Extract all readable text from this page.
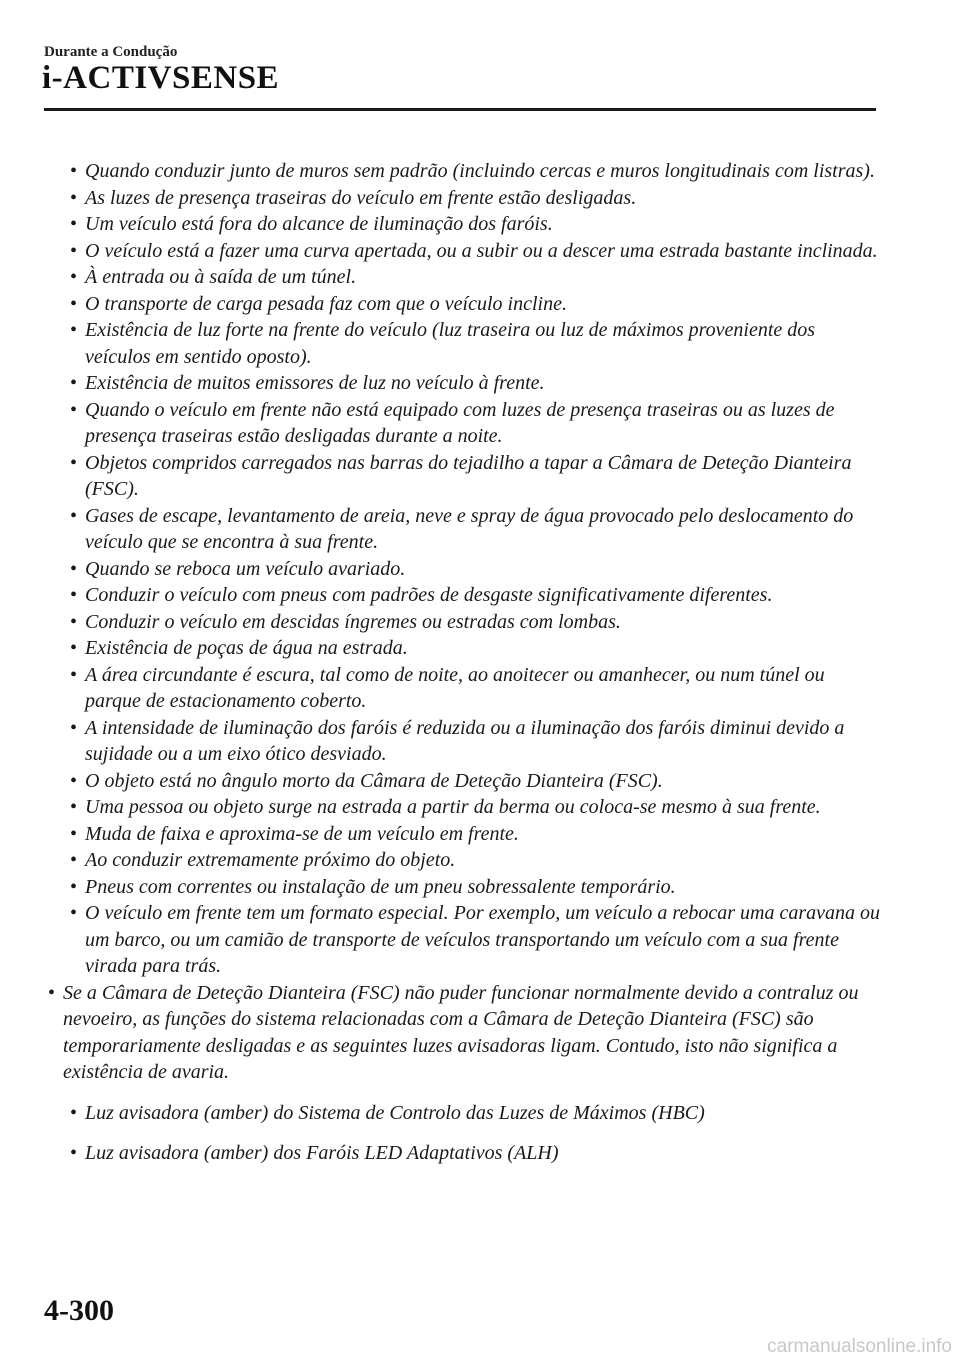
Durante a Condução
i-ACTIVSENSE
• Quando conduzir junto de muros sem padrão (incluindo cercas e muros longitudinais com listras).
• As luzes de presença traseiras do veículo em frente estão desligadas.
• Um veículo está fora do alcance de iluminação dos faróis.
• O veículo está a fazer uma curva apertada, ou a subir ou a descer uma estrada bastante inclinada.
• À entrada ou à saída de um túnel.
• O transporte de carga pesada faz com que o veículo incline.
• Existência de luz forte na frente do veículo (luz traseira ou luz de máximos proveniente dos veículos em sentido oposto).
• Existência de muitos emissores de luz no veículo à frente.
• Quando o veículo em frente não está equipado com luzes de presença traseiras ou as luzes de presença traseiras estão desligadas durante a noite.
• Objetos compridos carregados nas barras do tejadilho a tapar a Câmara de Deteção Dianteira (FSC).
• Gases de escape, levantamento de areia, neve e spray de água provocado pelo deslocamento do veículo que se encontra à sua frente.
• Quando se reboca um veículo avariado.
• Conduzir o veículo com pneus com padrões de desgaste significativamente diferentes.
• Conduzir o veículo em descidas íngremes ou estradas com lombas.
• Existência de poças de água na estrada.
• A área circundante é escura, tal como de noite, ao anoitecer ou amanhecer, ou num túnel ou parque de estacionamento coberto.
• A intensidade de iluminação dos faróis é reduzida ou a iluminação dos faróis diminui devido a sujidade ou a um eixo ótico desviado.
• O objeto está no ângulo morto da Câmara de Deteção Dianteira (FSC).
• Uma pessoa ou objeto surge na estrada a partir da berma ou coloca-se mesmo à sua frente.
• Muda de faixa e aproxima-se de um veículo em frente.
• Ao conduzir extremamente próximo do objeto.
• Pneus com correntes ou instalação de um pneu sobressalente temporário.
• O veículo em frente tem um formato especial. Por exemplo, um veículo a rebocar uma caravana ou um barco, ou um camião de transporte de veículos transportando um veículo com a sua frente virada para trás.
• Se a Câmara de Deteção Dianteira (FSC) não puder funcionar normalmente devido a contraluz ou nevoeiro, as funções do sistema relacionadas com a Câmara de Deteção Dianteira (FSC) são temporariamente desligadas e as seguintes luzes avisadoras ligam. Contudo, isto não significa a existência de avaria.
• Luz avisadora (amber) do Sistema de Controlo das Luzes de Máximos (HBC)
• Luz avisadora (amber) dos Faróis LED Adaptativos (ALH)
4-300
carmanualsonline.info
